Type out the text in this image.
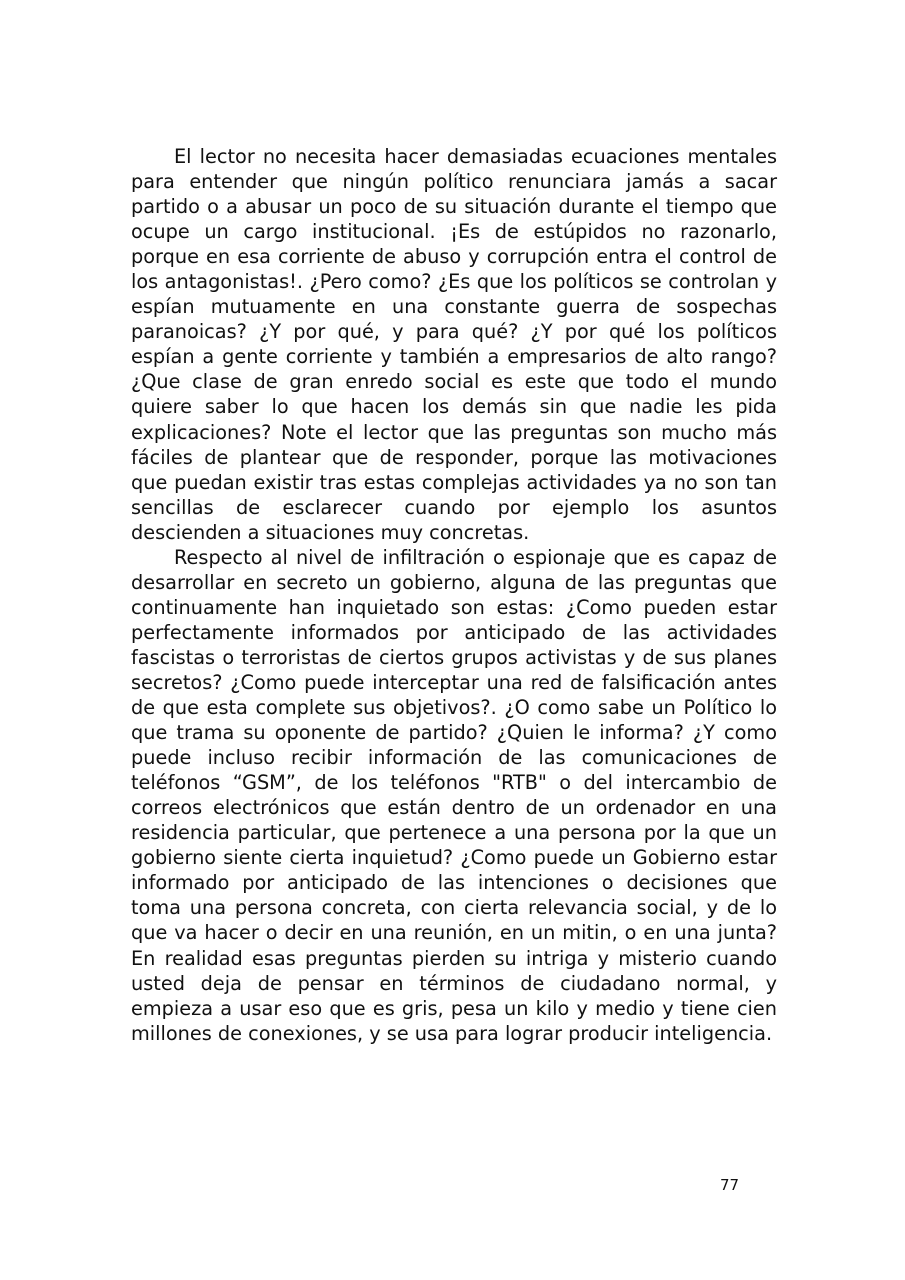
El lector no necesita hacer demasiadas ecuaciones mentales para entender que ningún político renunciara jamás a sacar partido o a abusar un poco de su situación durante el tiempo que ocupe un cargo institucional. ¡Es de estúpidos no razonarlo, porque en esa corriente de abuso y corrupción entra el control de los antagonistas!. ¿Pero como? ¿Es que los políticos se controlan y espían mutuamente en una constante guerra de sospechas paranoicas? ¿Y por qué, y para qué? ¿Y por qué los políticos espían a gente corriente y también a empresarios de alto rango? ¿Que clase de gran enredo social es este que todo el mundo quiere saber lo que hacen los demás sin que nadie les pida explicaciones? Note el lector que las preguntas son mucho más fáciles de plantear que de responder, porque las motivaciones que puedan existir tras estas complejas actividades ya no son tan sencillas de esclarecer cuando por ejemplo los asuntos descienden a situaciones muy concretas.

Respecto al nivel de infiltración o espionaje que es capaz de desarrollar en secreto un gobierno, alguna de las preguntas que continuamente han inquietado son estas: ¿Como pueden estar perfectamente informados por anticipado de las actividades fascistas o terroristas de ciertos grupos activistas y de sus planes secretos? ¿Como puede interceptar una red de falsificación antes de que esta complete sus objetivos?. ¿O como sabe un Político lo que trama su oponente de partido? ¿Quien le informa? ¿Y como puede incluso recibir información de las comunicaciones de teléfonos “GSM”, de los teléfonos "RTB" o del intercambio de correos electrónicos que están dentro de un ordenador en una residencia particular, que pertenece a una persona por la que un gobierno siente cierta inquietud? ¿Como puede un Gobierno estar informado por anticipado de las intenciones o decisiones que toma una persona concreta, con cierta relevancia social, y de lo que va hacer o decir en una reunión, en un mitin, o en una junta? En realidad esas preguntas pierden su intriga y misterio cuando usted deja de pensar en términos de ciudadano normal, y empieza a usar eso que es gris, pesa un kilo y medio y tiene cien millones de conexiones, y se usa para lograr producir inteligencia.

77
